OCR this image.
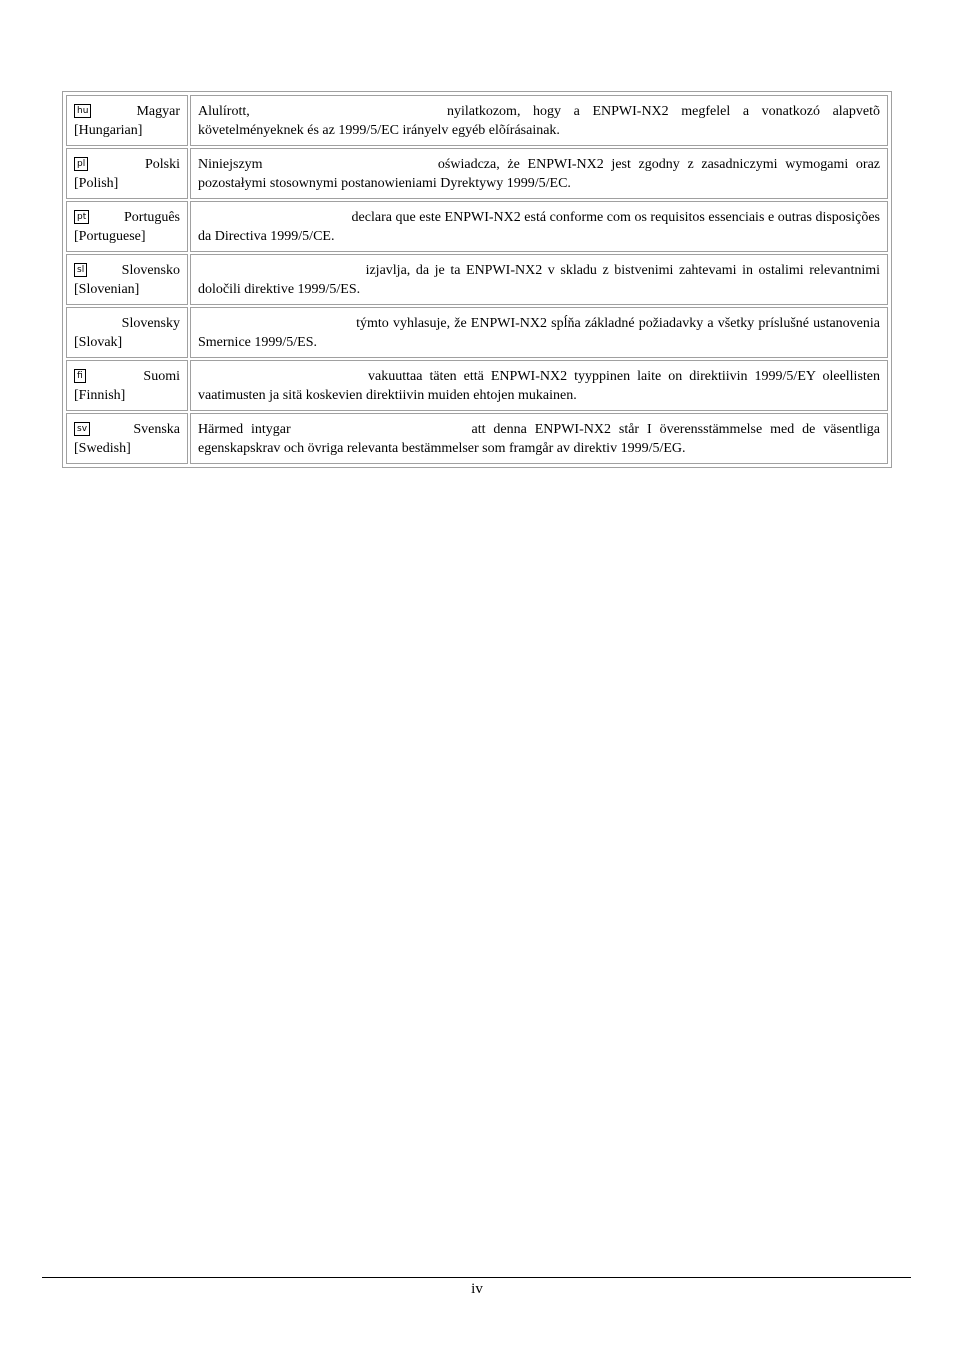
hu Magyar
[Hungarian]	Alulírott, nyilatkozom, hogy a ENPWI-NX2 megfelel a vonatkozó alapvetõ követelményeknek és az 1999/5/EC irányelv egyéb elõírásainak.

pl Polski
[Polish]	Niniejszym oświadcza, że ENPWI-NX2 jest zgodny z zasadniczymi wymogami oraz pozostałymi stosownymi postanowieniami Dyrektywy 1999/5/EC.

pt Português
[Portuguese]	declara que este ENPWI-NX2 está conforme com os requisitos essenciais e outras disposições da Directiva 1999/5/CE.

sl Slovensko
[Slovenian]	izjavlja, da je ta ENPWI-NX2 v skladu z bistvenimi zahtevami in ostalimi relevantnimi določili direktive 1999/5/ES.

Slovensky
[Slovak]	týmto vyhlasuje, že ENPWI-NX2 spĺňa základné požiadavky a všetky príslušné ustanovenia Smernice 1999/5/ES.

fi Suomi
[Finnish]	vakuuttaa täten että ENPWI-NX2 tyyppinen laite on direktiivin 1999/5/EY oleellisten vaatimusten ja sitä koskevien direktiivin muiden ehtojen mukainen.

sv Svenska
[Swedish]	Härmed intygar att denna ENPWI-NX2 står I överensstämmelse med de väsentliga egenskapskrav och övriga relevanta bestämmelser som framgår av direktiv 1999/5/EG.
iv
